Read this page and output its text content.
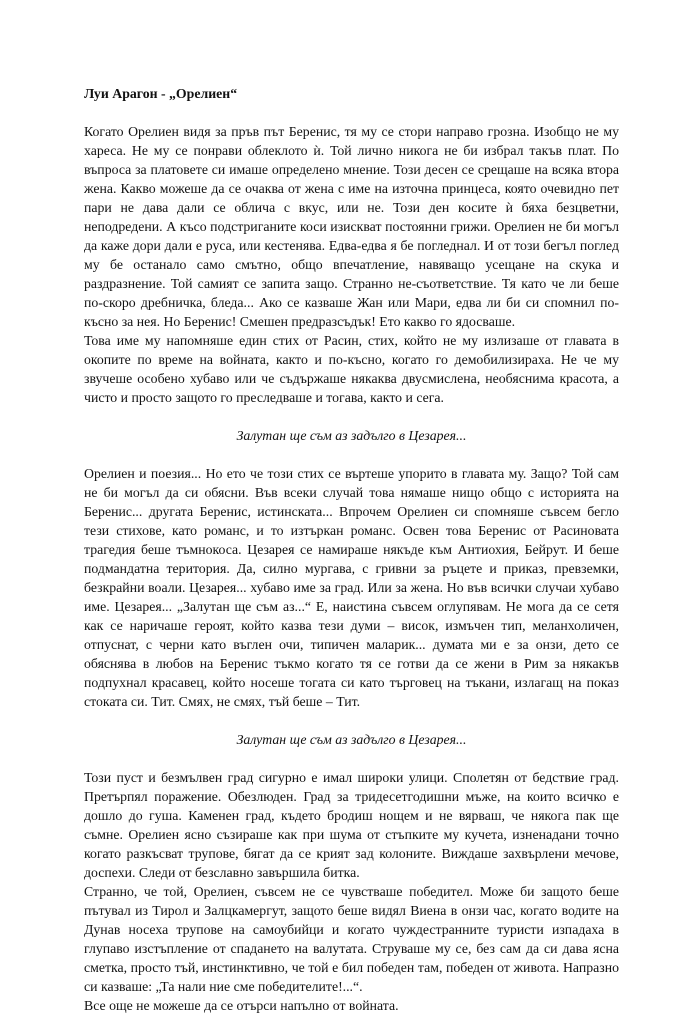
Луи Арагон - „Орелиен“

Когато Орелиен видя за пръв път Беренис, тя му се стори направо грозна. Изобщо не му хареса. Не му се понрави облеклото ѝ. Той лично никога не би избрал такъв плат. По въпроса за платовете си имаше определено мнение. Този десен се срещаше на всяка втора жена. Какво можеше да се очаква от жена с име на източна принцеса, която очевидно пет пари не дава дали се облича с вкус, или не. Този ден косите ѝ бяха безцветни, неподредени. А късо подстриганите коси изискват постоянни грижи. Орелиен не би могъл да каже дори дали е руса, или кестенява. Едва-едва я бе погледнал. И от този бегъл поглед му бе останало само смътно, общо впечатление, навяващо усещане на скука и раздразнение. Той самият се запита защо. Странно не-съответствие. Тя като че ли беше по-скоро дребничка, бледа... Ако се казваше Жан или Мари, едва ли би си спомнил по-късно за нея. Но Беренис! Смешен предразсъдък! Ето какво го ядосваше.

Това име му напомняше един стих от Расин, стих, който не му излизаше от главата в окопите по време на войната, както и по-късно, когато го демобилизираха. Не че му звучеше особено хубаво или че съдържаше някаква двусмислена, необяснима красота, а чисто и просто защото го преследваше и тогава, както и сега.

Залутан ще съм аз задълго в Цезарея...

Орелиен и поезия... Но ето че този стих се въртеше упорито в главата му. Защо? Той сам не би могъл да си обясни. Във всеки случай това нямаше нищо общо с историята на Беренис... другата Беренис, истинската... Впрочем Орелиен си спомняше съвсем бегло тези стихове, като романс, и то изтъркан романс. Освен това Беренис от Расиновата трагедия беше тъмнокоса. Цезарея се намираше някъде към Антиохия, Бейрут. И беше подмандатна територия. Да, силно мургава, с гривни за ръцете и приказ, превземки, безкрайни воали. Цезарея... хубаво име за град. Или за жена. Но във всички случаи хубаво име. Цезарея... „Залутан ще съм аз...“ Е, наистина съвсем оглупявам. Не мога да се сетя как се наричаше героят, който казва тези думи – висок, измъчен тип, меланхоличен, отпуснат, с черни като въглен очи, типичен маларик... думата ми е за онзи, дето се обяснява в любов на Беренис тъкмо когато тя се готви да се жени в Рим за някакъв подпухнал красавец, който носеше тогата си като търговец на тъкани, излагащ на показ стоката си. Тит. Смях, не смях, тъй беше – Тит.

Залутан ще съм аз задълго в Цезарея...

Този пуст и безмълвен град сигурно е имал широки улици. Сполетян от бедствие град. Претърпял поражение. Обезлюден. Град за тридесетгодишни мъже, на които всичко е дошло до гуша. Каменен град, където бродиш нощем и не вярваш, че някога пак ще съмне. Орелиен ясно съзираше как при шума от стъпките му кучета, изненадани точно когато разкъсват трупове, бягат да се крият зад колоните. Виждаше захвърлени мечове, доспехи. Следи от безславно завършила битка.

Странно, че той, Орелиен, съвсем не се чувстваше победител. Може би защото беше пътувал из Тирол и Залцкамергут, защото беше видял Виена в онзи час, когато водите на Дунав носеха трупове на самоубийци и когато чуждестранните туристи изпадаха в глупаво изстъпление от спадането на валутата. Струваше му се, без сам да си дава ясна сметка, просто тъй, инстинктивно, че той е бил победен там, победен от живота. Напразно си казваше: „Та нали ние сме победителите!...“.

Все още не можеше да се отърси напълно от войната.
